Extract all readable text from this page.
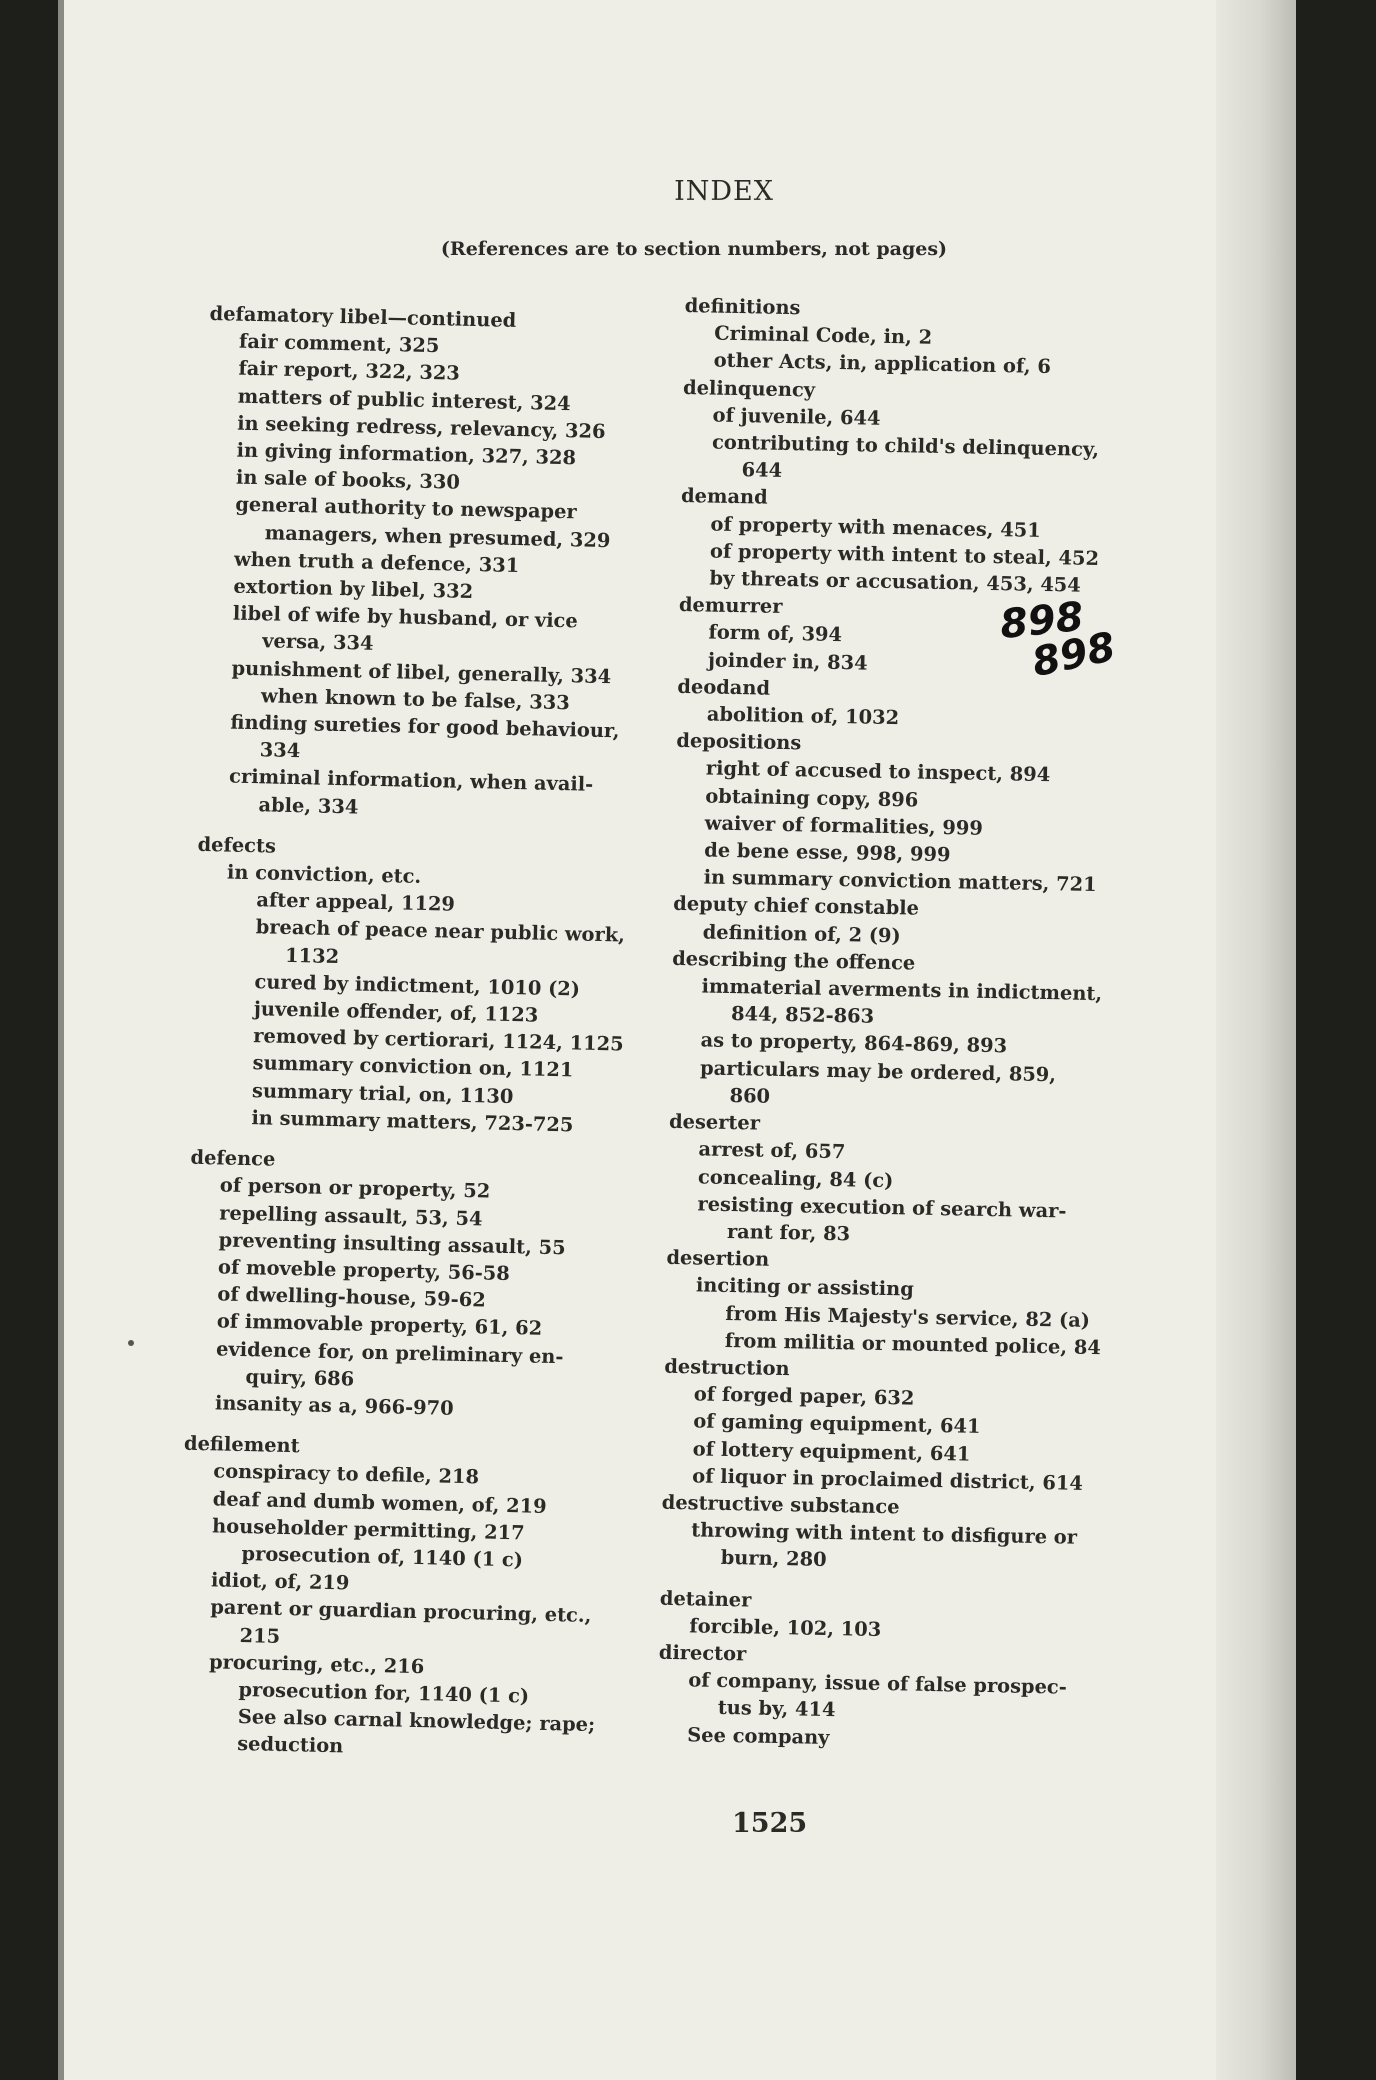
INDEX
(References are to section numbers, not pages)
defamatory libel—continued
fair comment, 325
fair report, 322, 323
matters of public interest, 324
in seeking redress, relevancy, 326
in giving information, 327, 328
in sale of books, 330
general authority to newspaper
managers, when presumed, 329
when truth a defence, 331
extortion by libel, 332
libel of wife by husband, or vice
versa, 334
punishment of libel, generally, 334
when known to be false, 333
finding sureties for good behaviour,
334
criminal information, when avail-
able, 334
defects
in conviction, etc.
after appeal, 1129
breach of peace near public work,
1132
cured by indictment, 1010 (2)
juvenile offender, of, 1123
removed by certiorari, 1124, 1125
summary conviction on, 1121
summary trial, on, 1130
in summary matters, 723-725
defence
of person or property, 52
repelling assault, 53, 54
preventing insulting assault, 55
of moveble property, 56-58
of dwelling-house, 59-62
of immovable property, 61, 62
evidence for, on preliminary en-
quiry, 686
insanity as a, 966-970
defilement
conspiracy to defile, 218
deaf and dumb women, of, 219
householder permitting, 217
prosecution of, 1140 (1 c)
idiot, of, 219
parent or guardian procuring, etc.,
215
procuring, etc., 216
prosecution for, 1140 (1 c)
See also carnal knowledge; rape;
seduction
definitions
Criminal Code, in, 2
other Acts, in, application of, 6
delinquency
of juvenile, 644
contributing to child's delinquency,
644
demand
of property with menaces, 451
of property with intent to steal, 452
by threats or accusation, 453, 454
demurrer
form of, 394
joinder in, 834
deodand
abolition of, 1032
depositions
right of accused to inspect, 894
obtaining copy, 896
waiver of formalities, 999
de bene esse, 998, 999
in summary conviction matters, 721
deputy chief constable
definition of, 2 (9)
describing the offence
immaterial averments in indictment,
844, 852-863
as to property, 864-869, 893
particulars may be ordered, 859,
860
deserter
arrest of, 657
concealing, 84 (c)
resisting execution of search war-
rant for, 83
desertion
inciting or assisting
from His Majesty's service, 82 (a)
from militia or mounted police, 84
destruction
of forged paper, 632
of gaming equipment, 641
of lottery equipment, 641
of liquor in proclaimed district, 614
destructive substance
throwing with intent to disfigure or
burn, 280
detainer
forcible, 102, 103
director
of company, issue of false prospec-
tus by, 414
See company
898
898
1525
